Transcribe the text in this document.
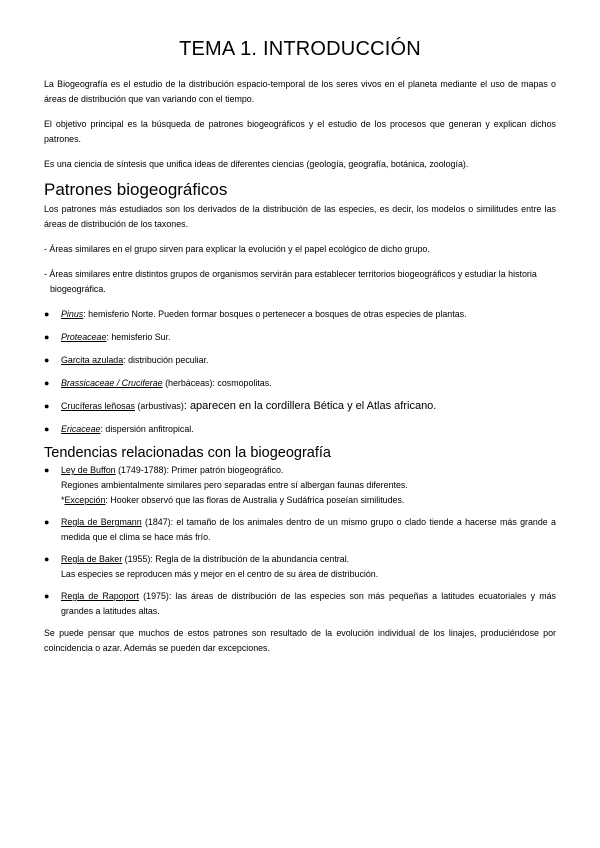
TEMA 1. INTRODUCCIÓN

La Biogeografía es el estudio de la distribución espacio-temporal de los seres vivos en el planeta mediante el uso de mapas o áreas de distribución que van variando con el tiempo.

El objetivo principal es la búsqueda de patrones biogeográficos y el estudio de los procesos que generan y explican dichos patrones.

Es una ciencia de síntesis que unifica ideas de diferentes ciencias (geología, geografía, botánica, zoología).

Patrones biogeográficos

Los patrones más estudiados son los derivados de la distribución de las especies, es decir, los modelos o similitudes entre las áreas de distribución de los taxones.

- Áreas similares en el grupo sirven para explicar la evolución y el papel ecológico de dicho grupo.

- Áreas similares entre distintos grupos de organismos servirán para establecer territorios biogeográficos y estudiar la historia biogeográfica.

● Pinus: hemisferio Norte. Pueden formar bosques o pertenecer a bosques de otras especies de plantas.
● Proteaceae: hemisferio Sur.
● Garcita azulada: distribución peculiar.
● Brassicaceae / Cruciferae (herbáceas): cosmopolitas.
● Crucíferas leñosas (arbustivas): aparecen en la cordillera Bética y el Atlas africano.
● Ericaceae: dispersión anfitropical.
Tendencias relacionadas con la biogeografía
● Ley de Buffon (1749-1788): Primer patrón biogeográfico.
Regiones ambientalmente similares pero separadas entre sí albergan faunas diferentes.
*Excepción: Hooker observó que las floras de Australia y Sudáfrica poseían similitudes.
● Regla de Bergmann (1847): el tamaño de los animales dentro de un mismo grupo o clado tiende a hacerse más grande a medida que el clima se hace más frío.
● Regla de Baker (1955): Regla de la distribución de la abundancia central.
Las especies se reproducen más y mejor en el centro de su área de distribución.
● Regla de Rapoport (1975): las áreas de distribución de las especies son más pequeñas a latitudes ecuatoriales y más grandes a latitudes altas.

Se puede pensar que muchos de estos patrones son resultado de la evolución individual de los linajes, produciéndose por coincidencia o azar. Además se pueden dar excepciones.
